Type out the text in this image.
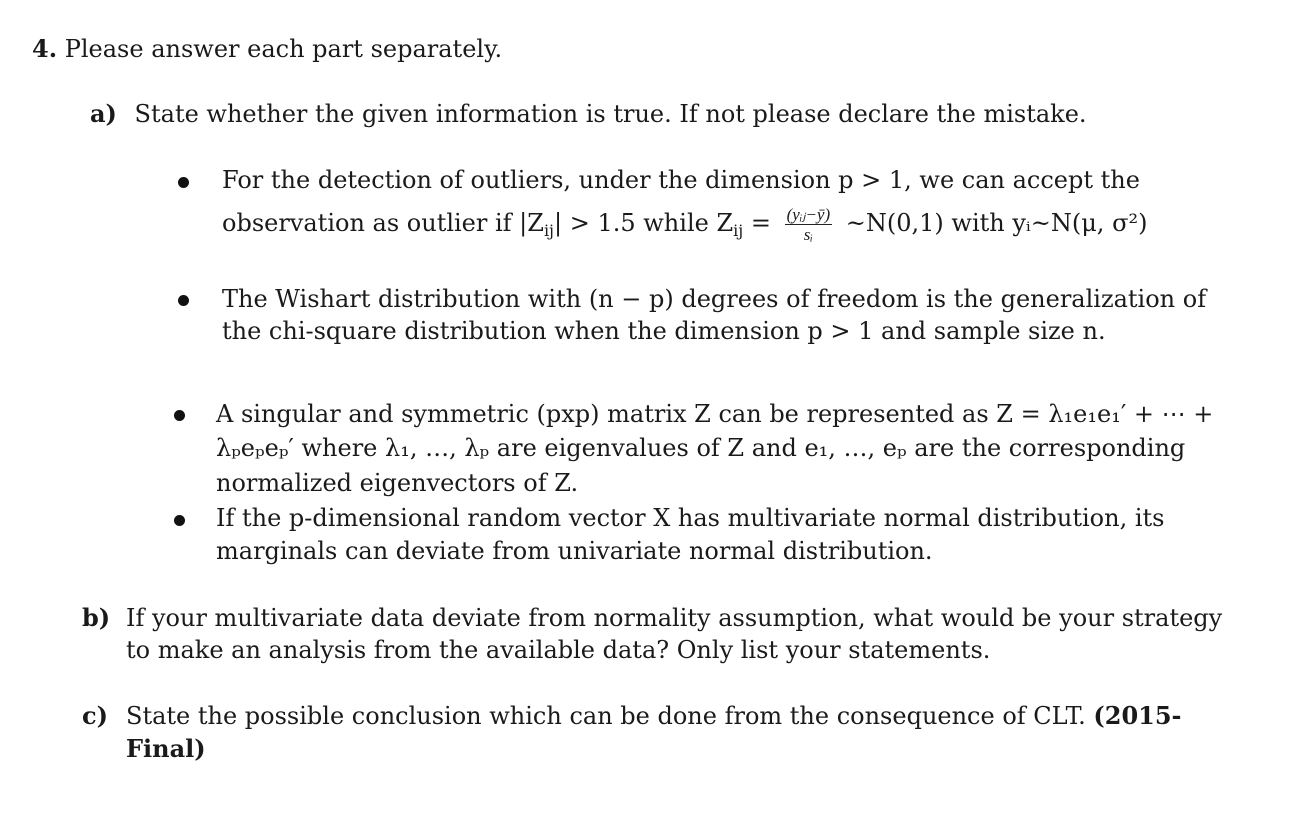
4. Please answer each part separately.
a) State whether the given information is true. If not please declare the mistake.
For the detection of outliers, under the dimension p > 1, we can accept the
observation as outlier if $|Z_{ij}| > 1.5$ while $Z_{ij} = \frac{\text{(yᵢⱼ−ȳ)}}{\text{sᵢ}}$ ~N(0,1) with yᵢ~N(μ, σ²)
The Wishart distribution with (n − p) degrees of freedom is the generalization of
the chi-square distribution when the dimension p > 1 and sample size n.
A singular and symmetric (pxp) matrix Z can be represented as Z = λ₁e₁e₁′ + ⋯ +
λₚeₚeₚ′ where λ₁, …, λₚ are eigenvalues of Z and e₁, …, eₚ are the corresponding
normalized eigenvectors of Z.
If the p-dimensional random vector X has multivariate normal distribution, its
marginals can deviate from univariate normal distribution.
b) If your multivariate data deviate from normality assumption, what would be your strategy
to make an analysis from the available data? Only list your statements.
c) State the possible conclusion which can be done from the consequence of CLT. (2015-
Final)
